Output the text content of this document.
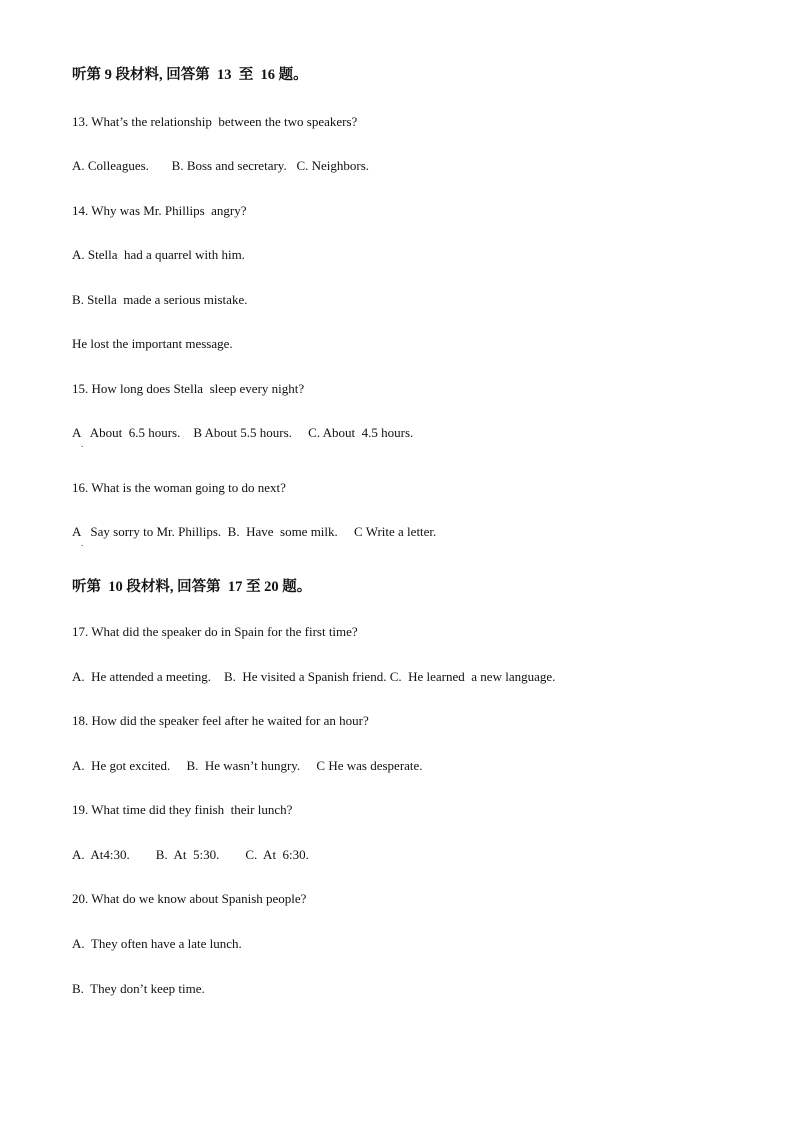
听第 9 段材料, 回答第  13  至  16 题。
13. What’s the relationship  between the two speakers?
A. Colleagues.       B. Boss and secretary.   C. Neighbors.
14. Why was Mr. Phillips  angry?
A. Stella  had a quarrel with him.
B. Stella  made a serious mistake.
He lost the important message.
15. How long does Stella  sleep every night?
A   About  6.5 hours.    B About 5.5 hours.     C. About  4.5 hours.
.
16. What is the woman going to do next?
A   Say sorry to Mr. Phillips.  B.  Have  some milk.     C Write a letter.
.
听第  10 段材料, 回答第  17 至 20 题。
17. What did the speaker do in Spain for the first time?
A.  He attended a meeting.    B.  He visited a Spanish friend. C.  He learned  a new language.
18. How did the speaker feel after he waited for an hour?
A.  He got excited.     B.  He wasn’t hungry.     C He was desperate.
19. What time did they finish  their lunch?
A.  At4:30.        B.  At  5:30.        C.  At  6:30.
20. What do we know about Spanish people?
A.  They often have a late lunch.
B.  They don’t keep time.
